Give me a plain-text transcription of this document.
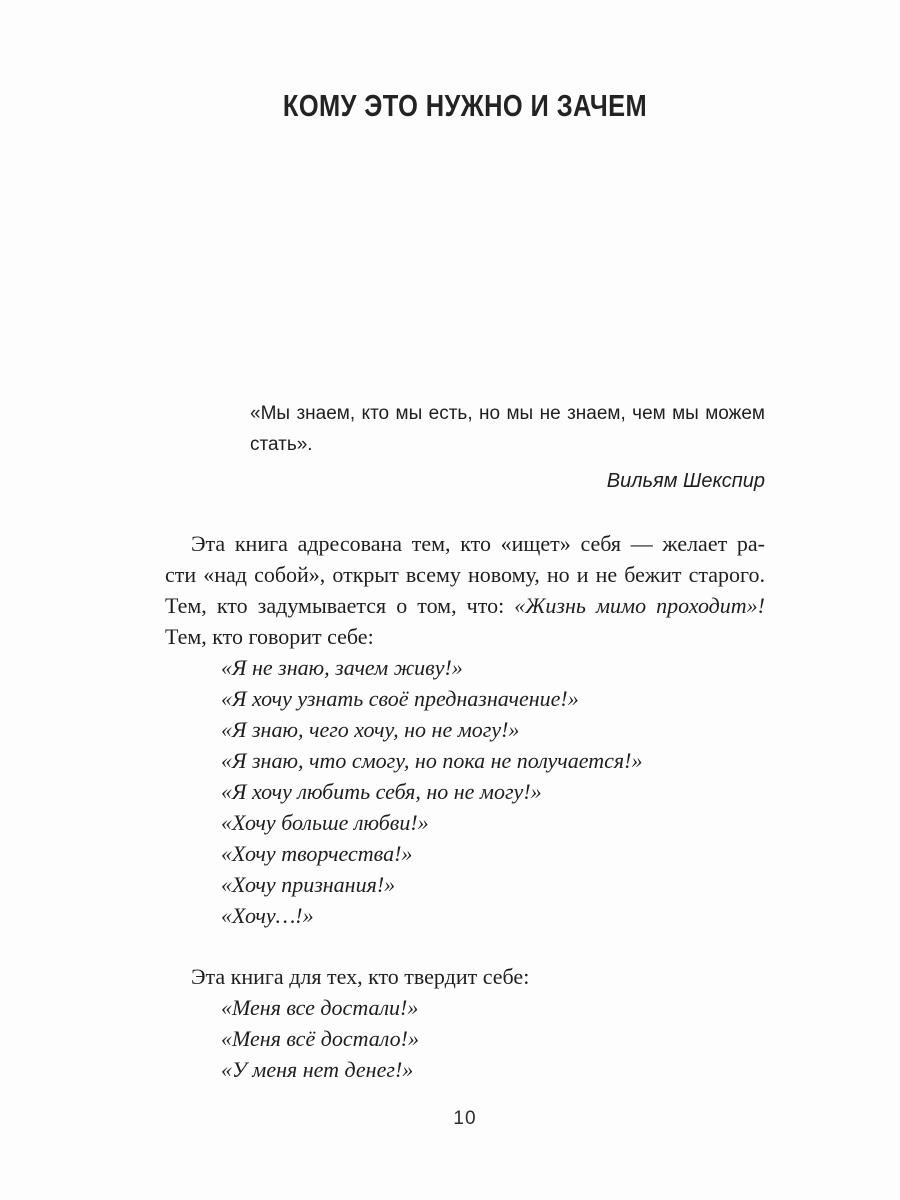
КОМУ ЭТО НУЖНО И ЗАЧЕМ
«Мы знаем, кто мы есть, но мы не знаем, чем мы можем
стать».
Вильям Шекспир
Эта книга адресована тем, кто «ищет» себя — желает ра-
сти «над собой», открыт всему новому, но и не бежит старого.
Тем, кто задумывается о том, что: «Жизнь мимо проходит»!
Тем, кто говорит себе:
«Я не знаю, зачем живу!»
«Я хочу узнать своё предназначение!»
«Я знаю, чего хочу, но не могу!»
«Я знаю, что смогу, но пока не получается!»
«Я хочу любить себя, но не могу!»
«Хочу больше любви!»
«Хочу творчества!»
«Хочу признания!»
«Хочу…!»
Эта книга для тех, кто твердит себе:
«Меня все достали!»
«Меня всё достало!»
«У меня нет денег!»
10
